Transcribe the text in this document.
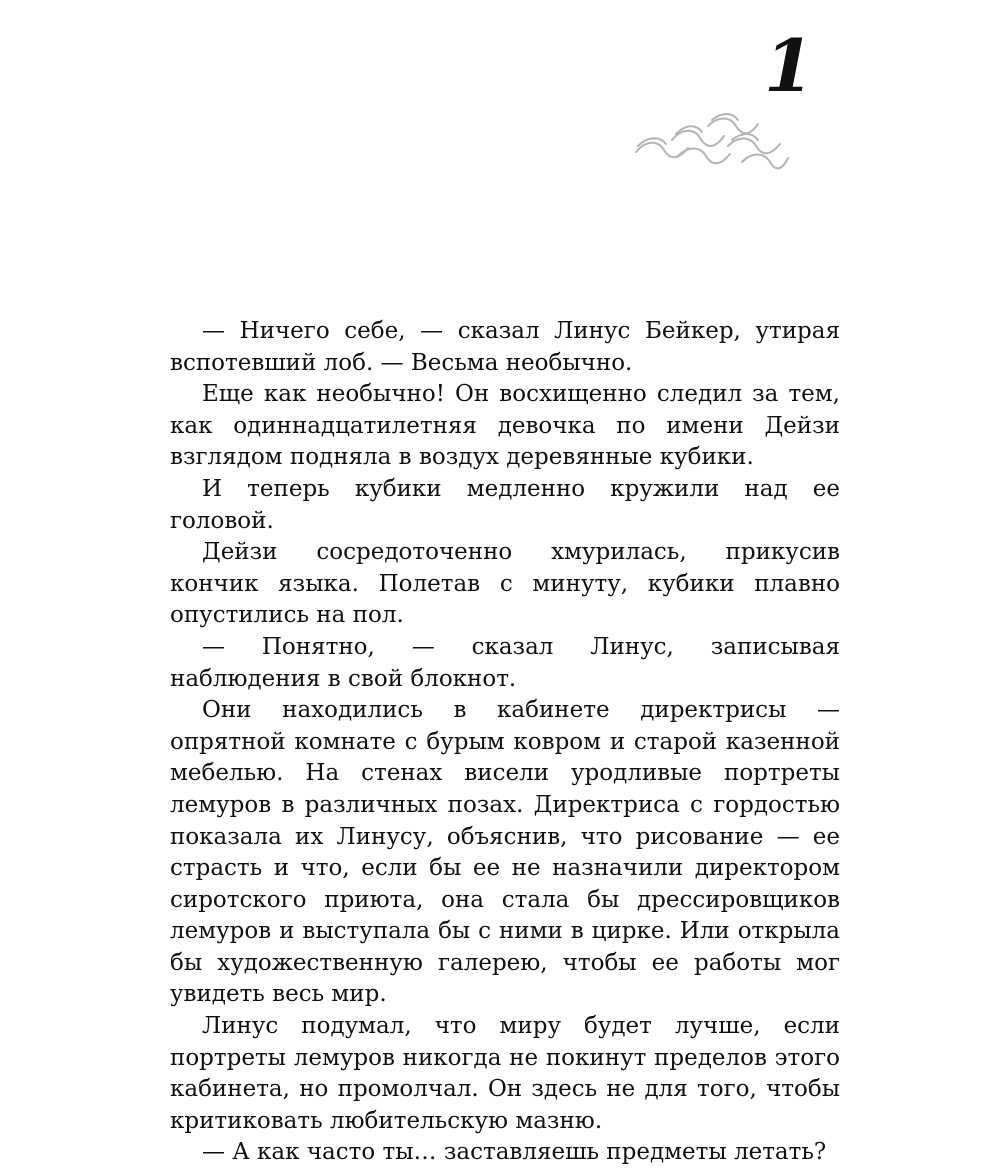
1

— Ничего себе, — сказал Линус Бейкер, утирая вспотевший лоб. — Весьма необычно.

Еще как необычно! Он восхищенно следил за тем, как одиннадцатилетняя девочка по имени Дейзи взглядом подняла в воздух деревянные кубики.

И теперь кубики медленно кружили над ее головой.

Дейзи сосредоточенно хмурилась, прикусив кончик языка. Полетав с минуту, кубики плавно опустились на пол.

— Понятно, — сказал Линус, записывая наблюдения в свой блокнот.

Они находились в кабинете директрисы — опрятной комнате с бурым ковром и старой казенной мебелью. На стенах висели уродливые портреты лемуров в различных позах. Директриса с гордостью показала их Линусу, объяснив, что рисование — ее страсть и что, если бы ее не назначили директором сиротского приюта, она стала бы дрессировщиков лемуров и выступала бы с ними в цирке. Или открыла бы художественную галерею, чтобы ее работы мог увидеть весь мир.

Линус подумал, что миру будет лучше, если портреты лемуров никогда не покинут пределов этого кабинета, но промолчал. Он здесь не для того, чтобы критиковать любительскую мазню.

— А как часто ты… заставляешь предметы летать?
